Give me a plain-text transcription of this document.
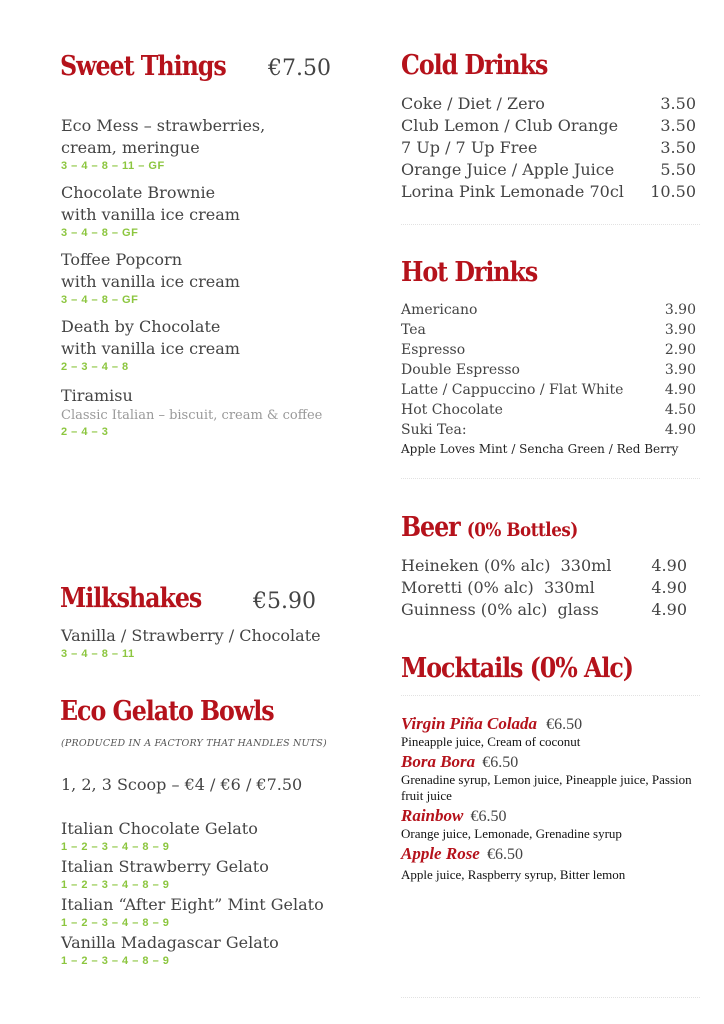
Sweet Things €7.50
Eco Mess – strawberries,
cream, meringue
3 – 4 – 8 – 11 – GF
Chocolate Brownie
with vanilla ice cream
3 – 4 – 8 – GF
Toffee Popcorn
with vanilla ice cream
3 – 4 – 8 – GF
Death by Chocolate
with vanilla ice cream
2 – 3 – 4 – 8
Tiramisu
Classic Italian – biscuit, cream & coffee
2 – 4 – 3
Milkshakes €5.90
Vanilla / Strawberry / Chocolate
3 – 4 – 8 – 11
Eco Gelato Bowls
(PRODUCED IN A FACTORY THAT HANDLES NUTS)
1, 2, 3 Scoop – €4 / €6 / €7.50
Italian Chocolate Gelato
1 – 2 – 3 – 4 – 8 – 9
Italian Strawberry Gelato
1 – 2 – 3 – 4 – 8 – 9
Italian “After Eight” Mint Gelato
1 – 2 – 3 – 4 – 8 – 9
Vanilla Madagascar Gelato
1 – 2 – 3 – 4 – 8 – 9
Cold Drinks
Coke / Diet / Zero	3.50
Club Lemon / Club Orange	3.50
7 Up / 7 Up Free	3.50
Orange Juice / Apple Juice	5.50
Lorina Pink Lemonade 70cl 10.50
Hot Drinks
Americano	3.90
Tea	3.90
Espresso	2.90
Double Espresso	3.90
Latte / Cappuccino / Flat White	4.90
Hot Chocolate	4.50
Suki Tea:	4.90
Apple Loves Mint / Sencha Green / Red Berry
Beer (0% Bottles)
Heineken (0% alc)  330ml 4.90
Moretti (0% alc)  330ml	4.90
Guinness (0% alc)  glass	4.90
Mocktails (0% Alc)
Virgin Piña Colada €6.50
Pineapple juice, Cream of coconut
Bora Bora €6.50
Grenadine syrup, Lemon juice, Pineapple juice, Passion fruit juice
Rainbow €6.50
Orange juice, Lemonade, Grenadine syrup
Apple Rose €6.50
Apple juice, Raspberry syrup, Bitter lemon
